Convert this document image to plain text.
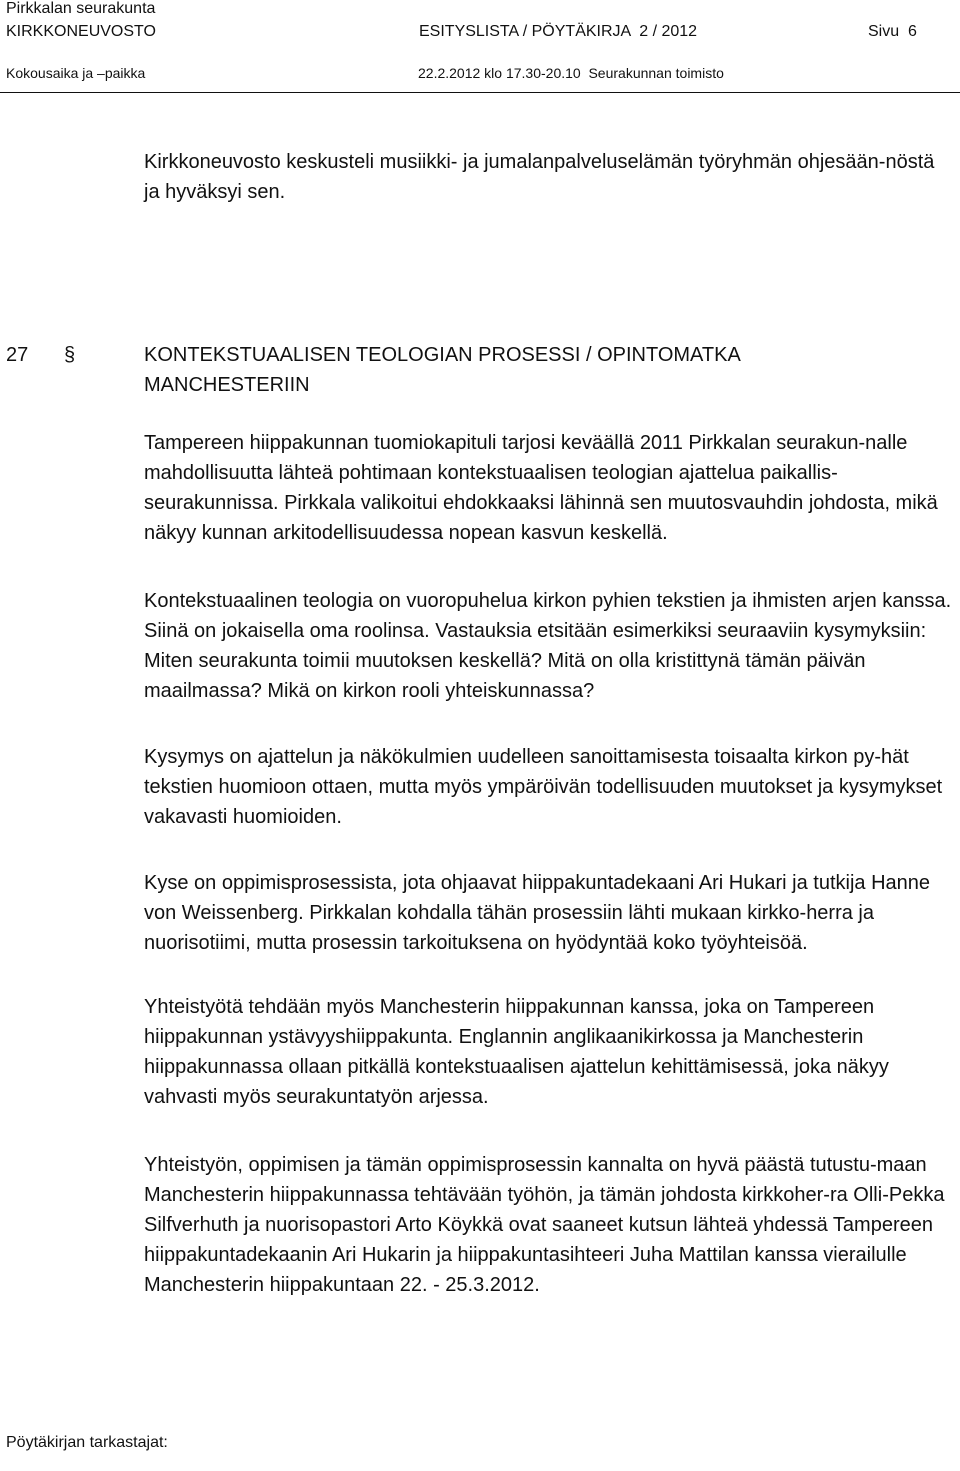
Pirkkalan seurakunta
KIRKKONEUVOSTO	ESITYSLISTA / PÖYTÄKIRJA  2 / 2012	Sivu  6
Kokousaika ja –paikka	22.2.2012 klo 17.30-20.10  Seurakunnan toimisto

Kirkkoneuvosto keskusteli musiikki- ja jumalanpalveluselämän työryhmän ohjesään-nöstä ja hyväksyi sen.

27 §	KONTEKSTUAALISEN TEOLOGIAN PROSESSI / OPINTOMATKA MANCHESTERIIN

Tampereen hiippakunnan tuomiokapituli tarjosi keväällä 2011 Pirkkalan seurakun-nalle mahdollisuutta lähteä pohtimaan kontekstuaalisen teologian ajattelua paikallis-seurakunnissa. Pirkkala valikoitui ehdokkaaksi lähinnä sen muutosvauhdin johdosta, mikä näkyy kunnan arkitodellisuudessa nopean kasvun keskellä.

Kontekstuaalinen teologia on vuoropuhelua kirkon pyhien tekstien ja ihmisten arjen kanssa. Siinä on jokaisella oma roolinsa. Vastauksia etsitään esimerkiksi seuraaviin kysymyksiin: Miten seurakunta toimii muutoksen keskellä? Mitä on olla kristittynä tämän päivän maailmassa? Mikä on kirkon rooli yhteiskunnassa?

Kysymys on ajattelun ja näkökulmien uudelleen sanoittamisesta toisaalta kirkon py-hät tekstien huomioon ottaen, mutta myös ympäröivän todellisuuden muutokset ja kysymykset vakavasti huomioiden.

Kyse on oppimisprosessista, jota ohjaavat hiippakuntadekaani Ari Hukari ja tutkija Hanne von Weissenberg. Pirkkalan kohdalla tähän prosessiin lähti mukaan kirkko-herra ja nuorisotiimi, mutta prosessin tarkoituksena on hyödyntää koko työyhteisöä.

Yhteistyötä tehdään myös Manchesterin hiippakunnan kanssa, joka on Tampereen hiippakunnan ystävyyshiippakunta. Englannin anglikaanikirkossa ja Manchesterin hiippakunnassa ollaan pitkällä kontekstuaalisen ajattelun kehittämisessä, joka näkyy vahvasti myös seurakuntatyön arjessa.

Yhteistyön, oppimisen ja tämän oppimisprosessin kannalta on hyvä päästä tutustu-maan Manchesterin hiippakunnassa tehtävään työhön, ja tämän johdosta kirkkoher-ra Olli-Pekka Silfverhuth ja nuorisopastori Arto Köykkä ovat saaneet kutsun lähteä yhdessä Tampereen hiippakuntadekaanin Ari Hukarin ja hiippakuntasihteeri Juha Mattilan kanssa vierailulle Manchesterin hiippakuntaan 22. - 25.3.2012.

Pöytäkirjan tarkastajat:
